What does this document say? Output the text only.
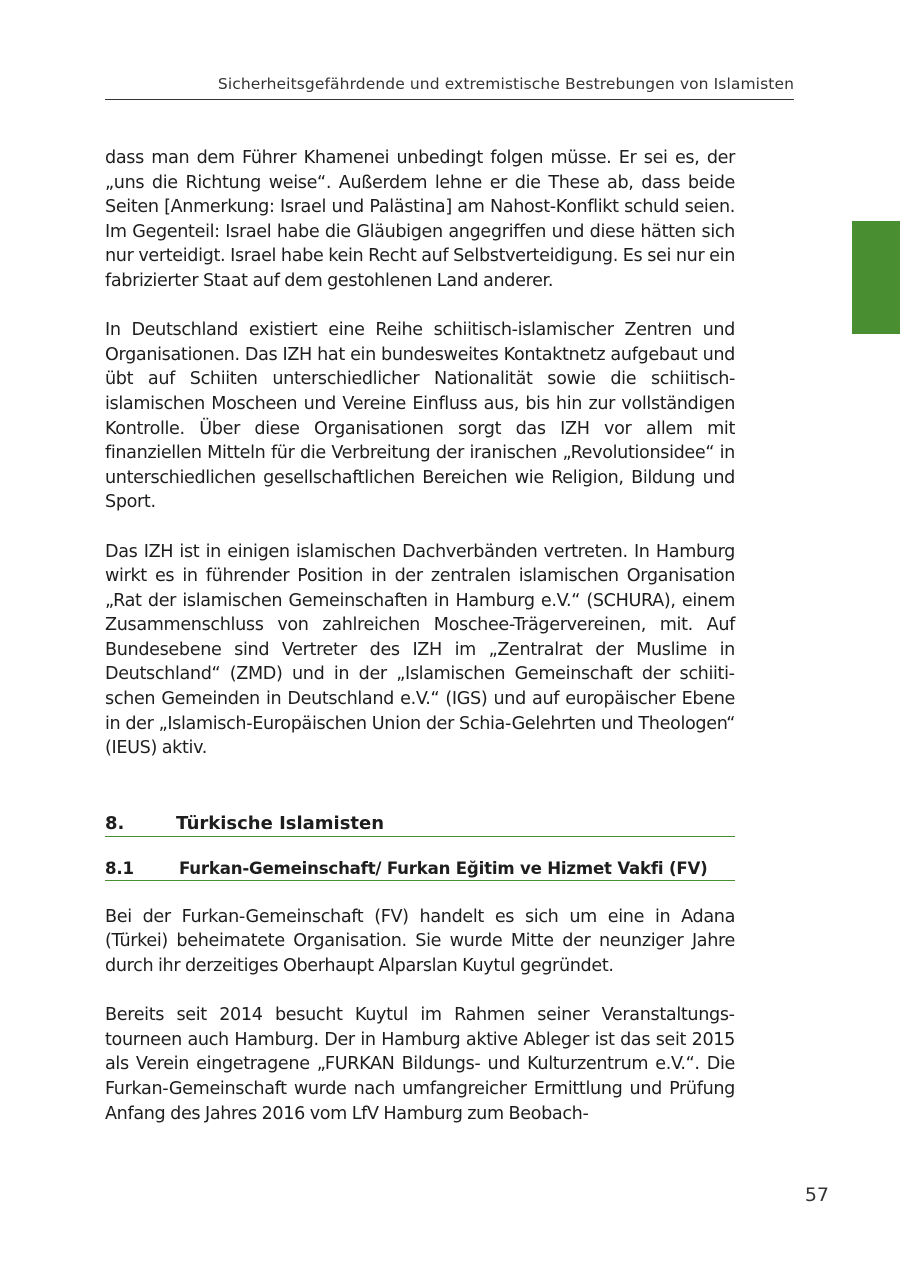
Sicherheitsgefährdende und extremistische Bestrebungen von Islamisten

dass man dem Führer Khamenei unbedingt folgen müsse. Er sei es, der „uns die Richtung weise“. Außerdem lehne er die These ab, dass beide Seiten [Anmerkung: Israel und Palästina] am Nahost-Konflikt schuld seien. Im Gegenteil: Israel habe die Gläubigen angegriffen und diese hätten sich nur verteidigt. Israel habe kein Recht auf Selbstverteidigung. Es sei nur ein fabrizierter Staat auf dem gestohlenen Land anderer.

In Deutschland existiert eine Reihe schiitisch-islamischer Zentren und Organisationen. Das IZH hat ein bundesweites Kontaktnetz aufgebaut und übt auf Schiiten unterschiedlicher Nationalität sowie die schiitisch-islamischen Moscheen und Vereine Einfluss aus, bis hin zur vollständigen Kontrolle. Über diese Organisationen sorgt das IZH vor allem mit finanziellen Mitteln für die Verbreitung der iranischen „Revolutionsidee“ in unterschiedlichen gesellschaftlichen Bereichen wie Religion, Bildung und Sport.

Das IZH ist in einigen islamischen Dachverbänden vertreten. In Hamburg wirkt es in führender Position in der zentralen islamischen Organisation „Rat der islamischen Gemeinschaften in Hamburg e.V.“ (SCHURA), einem Zusammenschluss von zahlreichen Moschee-Trägervereinen, mit. Auf Bundesebene sind Vertreter des IZH im „Zentralrat der Muslime in Deutschland“ (ZMD) und in der „Islamischen Gemeinschaft der schiitischen Gemeinden in Deutschland e.V.“ (IGS) und auf europäischer Ebene in der „Islamisch-Europäischen Union der Schia-Gelehrten und Theologen“ (IEUS) aktiv.

8.	Türkische Islamisten
8.1	Furkan-Gemeinschaft/ Furkan Eğitim ve Hizmet Vakfi (FV)

Bei der Furkan-Gemeinschaft (FV) handelt es sich um eine in Adana (Türkei) beheimatete Organisation. Sie wurde Mitte der neunziger Jahre durch ihr derzeitiges Oberhaupt Alparslan Kuytul gegründet.

Bereits seit 2014 besucht Kuytul im Rahmen seiner Veranstaltungstourneen auch Hamburg. Der in Hamburg aktive Ableger ist das seit 2015 als Verein eingetragene „FURKAN Bildungs- und Kulturzentrum e.V.“. Die Furkan-Gemeinschaft wurde nach umfangreicher Ermittlung und Prüfung Anfang des Jahres 2016 vom LfV Hamburg zum Beobach-

57
